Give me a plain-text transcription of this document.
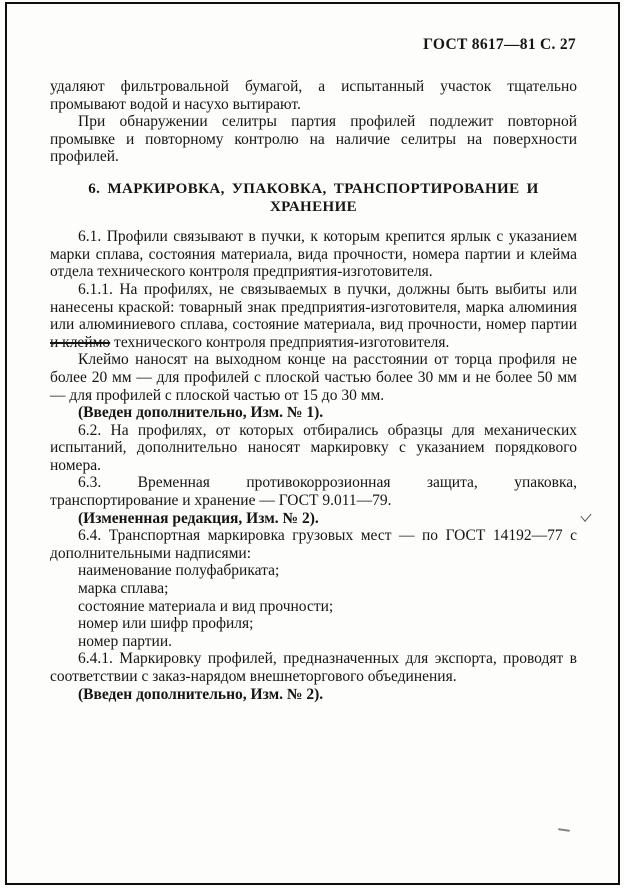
ГОСТ 8617—81 С. 27

удаляют фильтровальной бумагой, а испытанный участок тщательно промывают водой и насухо вытирают.

При обнаружении селитры партия профилей подлежит повторной промывке и повторному контролю на наличие селитры на поверхности профилей.

6. МАРКИРОВКА, УПАКОВКА, ТРАНСПОРТИРОВАНИЕ И ХРАНЕНИЕ

6.1. Профили связывают в пучки, к которым крепится ярлык с указанием марки сплава, состояния материала, вида прочности, номера партии и клейма отдела технического контроля предприятия-изготовителя.

6.1.1. На профилях, не связываемых в пучки, должны быть выбиты или нанесены краской: товарный знак предприятия-изготовителя, марка алюминия или алюминиевого сплава, состояние материала, вид прочности, номер партии и клеймо технического контроля предприятия-изготовителя.

Клеймо наносят на выходном конце на расстоянии от торца профиля не более 20 мм — для профилей с плоской частью более 30 мм и не более 50 мм — для профилей с плоской частью от 15 до 30 мм.

(Введен дополнительно, Изм. № 1).

6.2. На профилях, от которых отбирались образцы для механических испытаний, дополнительно наносят маркировку с указанием порядкового номера.

6.3. Временная противокоррозионная защита, упаковка, транспортирование и хранение — ГОСТ 9.011—79.

(Измененная редакция, Изм. № 2).

6.4. Транспортная маркировка грузовых мест — по ГОСТ 14192—77 с дополнительными надписями:

наименование полуфабриката;

марка сплава;

состояние материала и вид прочности;

номер или шифр профиля;

номер партии.

6.4.1. Маркировку профилей, предназначенных для экспорта, проводят в соответствии с заказ-нарядом внешнеторгового объединения.

(Введен дополнительно, Изм. № 2).
